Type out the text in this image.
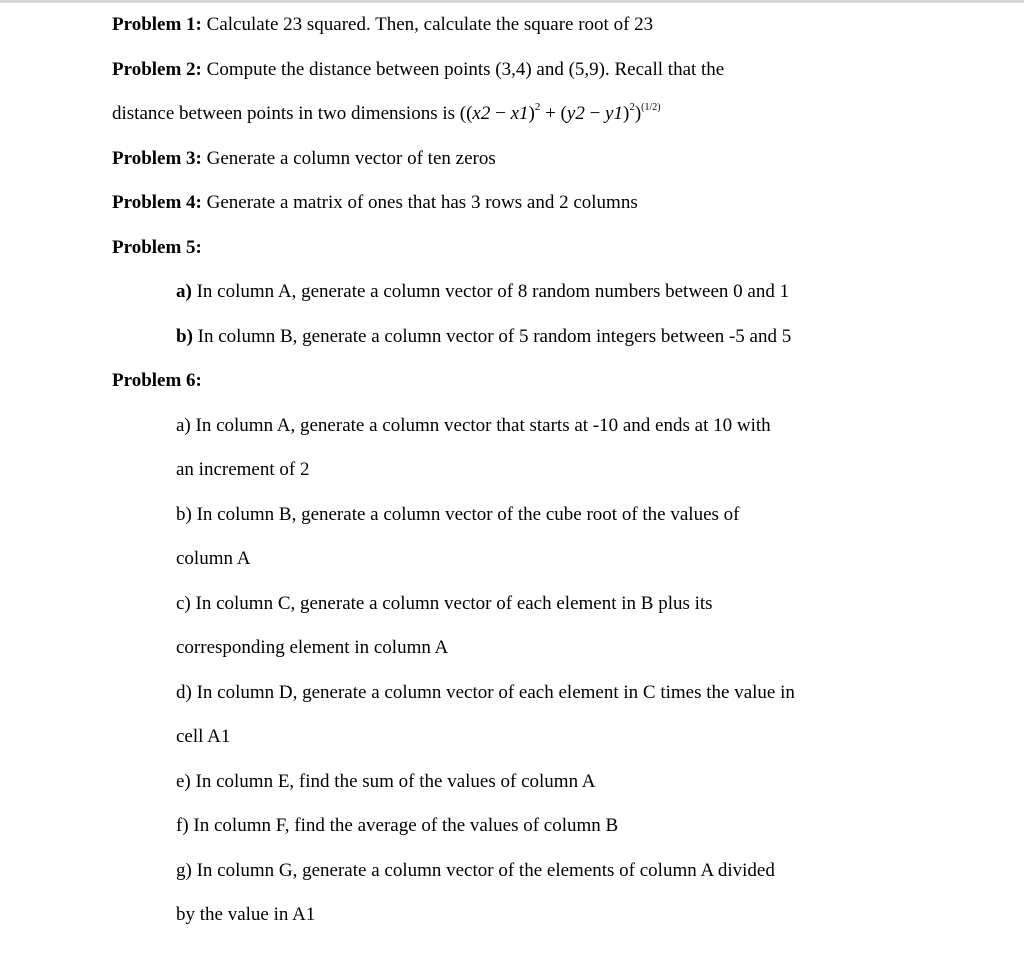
Problem 1: Calculate 23 squared. Then, calculate the square root of 23
Problem 2: Compute the distance between points (3,4) and (5,9). Recall that the
distance between points in two dimensions is $((x2 - x1)^2 + (y2 - y1)^2)^{(1/2)}$
Problem 3: Generate a column vector of ten zeros
Problem 4: Generate a matrix of ones that has 3 rows and 2 columns
Problem 5:
a) In column A, generate a column vector of 8 random numbers between 0 and 1
b) In column B, generate a column vector of 5 random integers between -5 and 5
Problem 6:
a) In column A, generate a column vector that starts at -10 and ends at 10 with
an increment of 2
b) In column B, generate a column vector of the cube root of the values of
column A
c) In column C, generate a column vector of each element in B plus its
corresponding element in column A
d) In column D, generate a column vector of each element in C times the value in
cell A1
e) In column E, find the sum of the values of column A
f) In column F, find the average of the values of column B
g) In column G, generate a column vector of the elements of column A divided
by the value in A1
